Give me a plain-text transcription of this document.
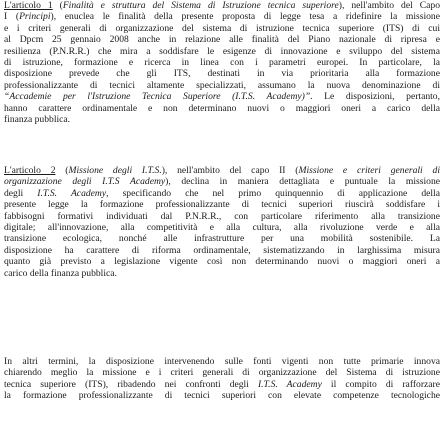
L'articolo 1 (Finalità e struttura del Sistema di Istruzione tecnica superiore), nell'ambito del Capo
I (Principi), enuclea le finalità della presente proposta di legge tesa a ridefinire la missione
e i criteri generali di organizzazione del sistema di istruzione tecnica superiore (ITS) di cui
al Dpcm 25 gennaio 2008 anche in relazione alle finalità del Piano nazionale di ripresa e
resilienza (P.N.R.R.) che mira a soddisfare le esigenze di innovazione e sviluppo del sistema
di istruzione, formazione e ricerca in linea con i parametri europei. In particolare, la
disposizione prevede che gli ITS, destinati in via prioritaria alla formazione
professionalizzante di tecnici altamente specializzati, assumano la nuova denominazione di
“Accademie per l'Istruzione Tecnica Superiore (I.T.S. Academy)”. Le disposizioni, pertanto,
hanno carattere ordinamentale e non determinano nuovi o maggiori oneri a carico della
finanza pubblica.
L'articolo 2 (Missione degli I.T.S.), nell'ambito del capo II (Missione e criteri generali di
organizzazione degli I.T.S Academy), declina in maniera dettagliata e puntuale la missione
degli I.T.S. Academy, specificando che nel primo quinquennio di applicazione della
presente legge la formazione professionalizzante di tecnici superiori riuscirà soddisfare i
fabbisogni formativi individuati dal P.N.R.R., con particolare riferimento alla transizione
digitale; all'innovazione, alla competitività e alla cultura, alla rivoluzione verde e alla
transizione ecologica, nonché alle infrastrutture per una mobilità sostenibile. La
disposizione ha carattere di riforma ordinamentale, sistematizzando in larghissima misura
quanto già previsto a legislazione vigente così non determinando nuovi o maggiori oneri a
carico della finanza pubblica.
In altri termini, la disposizione intervenendo sulle fonti vigenti non tutte primarie innova
chiarendo meglio la missione e i criteri generali di organizzazione del Sistema di istruzione
tecnica superiore (ITS), ribadendo nei confronti degli I.T.S. Academy il compito di rafforzare
la formazione professionalizzante di tecnici superiori con elevate competenze tecnologiche
